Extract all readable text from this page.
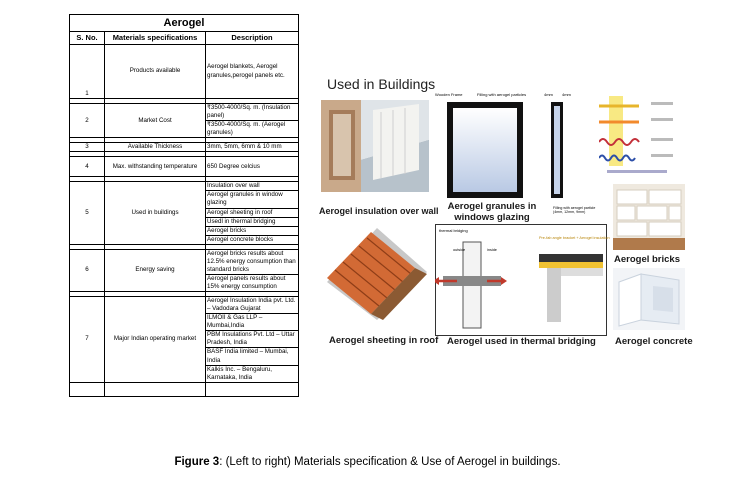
Aerogel		
S. No.	Materials specifications	Description
1	Products available	Aerogel blankets, Aerogel granules,perogel panels etc.

2	Market Cost	₹3500-4000/Sq. m. (Insulation panel)
		₹3500-4000/Sq. m. (Aerogel granules)

3	Available Thickness	3mm, 5mm, 6mm & 10 mm

4	Max. withstanding temperature	650 Degree celcius

5	Used in buildings	Insulation over wall
		Aerogel granules in window glazing
		Aerogel sheeting in roof
		Usedl in thermal bridging
		Aerogel bricks
		Aerogel concrete blocks

6	Energy saving	Aerogel bricks results about 12.5% energy consumption than standard bricks
		Aerogel panels results about 15% energy consumption

7	Major Indian operating market	Aerogel Insulation India pvt. Ltd. – Vadodara Gujarat
		ILMOII & Gas LLP – Mumbai,India
		PBM Insulations Pvt. Ltd – Uttar Pradesh, India
		BASF India limited – Mumbai, India
		Kalkis Inc. – Bengaluru, Karnataka, India

Used in Buildings
Aerogel insulation over wall
Wooden Frame	Filling with aerogel particles	4mm 4mm
Filling with aerogel particle (4mm, 12mm, 9mm)
Aerogel granules in
windows glazing
Aerogel bricks
Aerogel sheeting in roof
thermal bridging
Pre-fab angle bracket + Aerogel insulation
outside	inside
Aerogel used in thermal bridging Aerogel concrete
Figure 3: (Left to right) Materials specification & Use of Aerogel in buildings.
